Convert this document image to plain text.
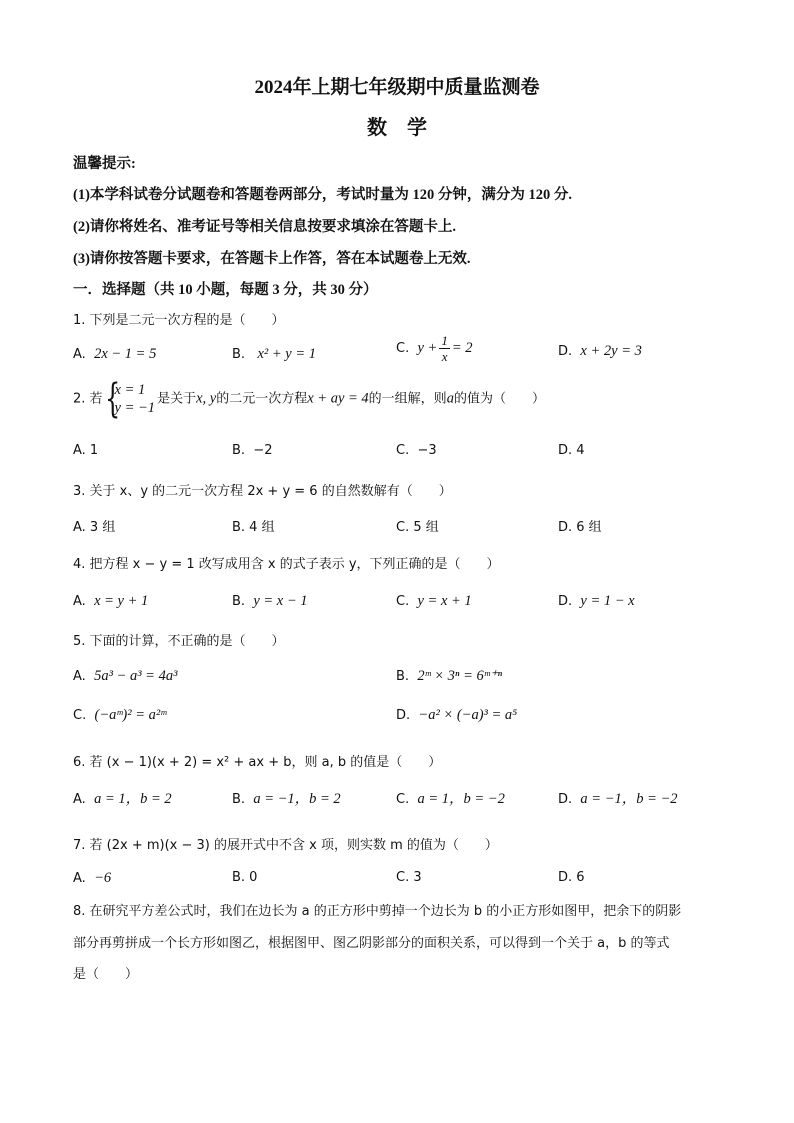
2024年上期七年级期中质量监测卷
数　学
温馨提示:
(1)本学科试卷分试题卷和答题卷两部分，考试时量为 120 分钟，满分为 120 分.
(2)请你将姓名、准考证号等相关信息按要求填涂在答题卡上.
(3)请你按答题卡要求，在答题卡上作答，答在本试题卷上无效.
一．选择题（共 10 小题，每题 3 分，共 30 分）
1. 下列是二元一次方程的是（　　）
A. 2x − 1 = 5	B. x² + y = 1	C. $y + \frac{1}{x} = 2$	D. x + 2y = 3
2. 若 {
x = 1
y = −1
是关于x, y的二元一次方程x + ay = 4的一组解，则a的值为（　　）
A. 1	B. −2	C. −3	D. 4
3. 关于 x、y 的二元一次方程 2x + y = 6 的自然数解有（　　）
A. 3 组	B. 4 组	C. 5 组	D. 6 组
4. 把方程 x − y = 1 改写成用含 x 的式子表示 y，下列正确的是（　　）
A. x = y + 1	B. y = x − 1	C. y = x + 1	D. y = 1 − x
5. 下面的计算，不正确的是（　　）
A. 5a³ − a³ = 4a³	B. 2ᵐ × 3ⁿ = 6ᵐ⁺ⁿ
C. (−aᵐ)² = a²ᵐ	D. −a² × (−a)³ = a⁵
6. 若 (x − 1)(x + 2) = x² + ax + b，则 a, b 的值是（　　）
A. a = 1，b = 2	B. a = −1，b = 2	C. a = 1，b = −2	D. a = −1，b = −2
7. 若 (2x + m)(x − 3) 的展开式中不含 x 项，则实数 m 的值为（　　）
A. −6	B. 0	C. 3	D. 6
8. 在研究平方差公式时，我们在边长为 a 的正方形中剪掉一个边长为 b 的小正方形如图甲，把余下的阴影
部分再剪拼成一个长方形如图乙，根据图甲、图乙阴影部分的面积关系，可以得到一个关于 a，b 的等式
是（　　）
